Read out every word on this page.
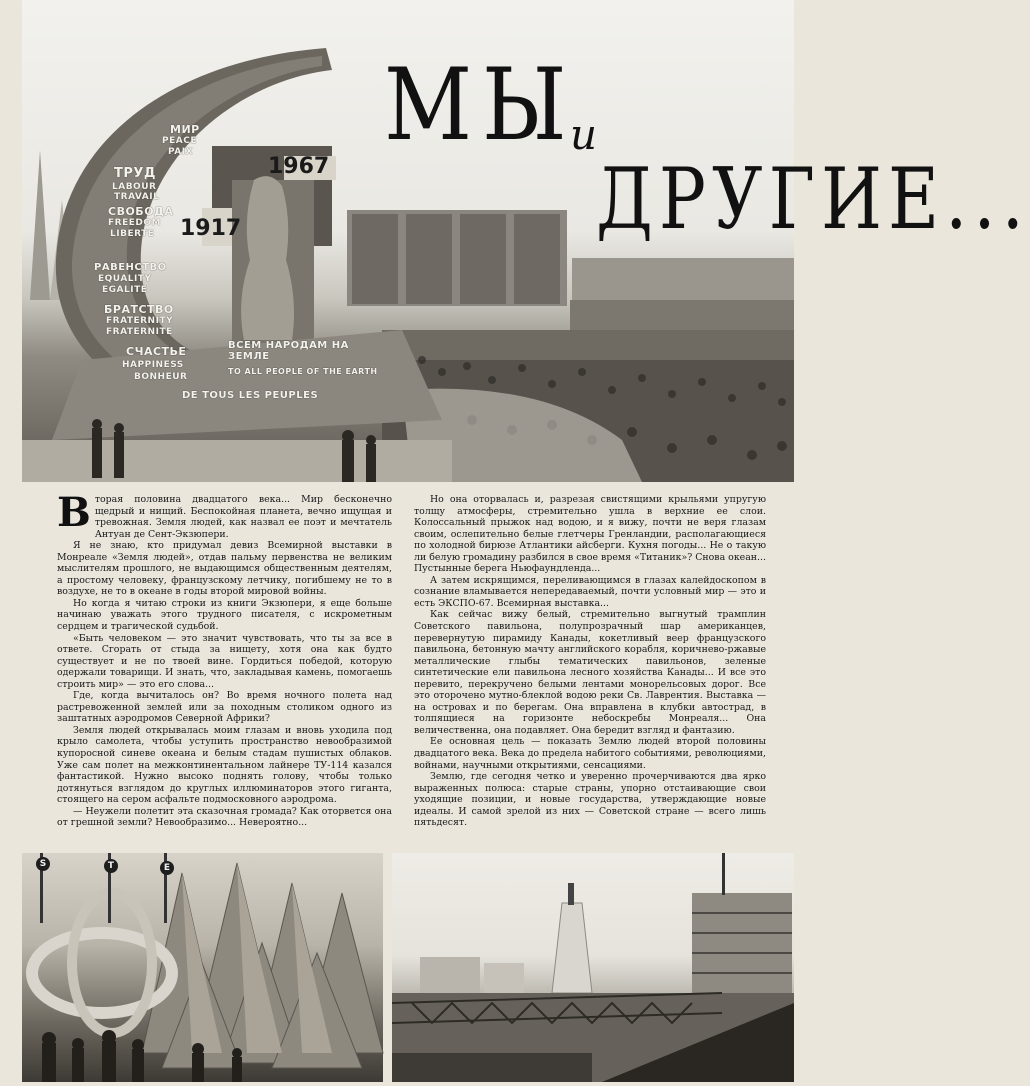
1917
1967
МИР
PEACE
PAIX
ТРУД
LABOUR
TRAVAIL
СВОБОДА
FREEDOM
LIBERTE
РАВЕНСТВО
EQUALITY
EGALITE
БРАТСТВО
FRATERNITY
FRATERNITE
СЧАСТЬЕ
HAPPINESS
BONHEUR
ВСЕМ НАРОДАМ НА ЗЕМЛЕ
TO ALL PEOPLE OF THE EARTH
DE TOUS LES PEUPLES
МЫ
и
ДРУГИЕ...

Вторая половина двадцатого века... Мир бесконечно щедрый и нищий. Беспокойная планета, вечно ищущая и тревожная. Земля людей, как назвал ее поэт и мечтатель Антуан де Сент-Экзюпери.

Я не знаю, кто придумал девиз Всемирной выставки в Монреале «Земля людей», отдав пальму первенства не великим мыслителям прошлого, не выдающимся общественным деятелям, а простому человеку, французскому летчику, погибшему не то в воздухе, не то в океане в годы второй мировой войны.

Но когда я читаю строки из книги Экзюпери, я еще больше начинаю уважать этого трудного писателя, с искрометным сердцем и трагической судьбой.

«Быть человеком — это значит чувствовать, что ты за все в ответе. Сгорать от стыда за нищету, хотя она как будто существует и не по твоей вине. Гордиться победой, которую одержали товарищи. И знать, что, закладывая камень, помогаешь строить мир» — это его слова...

Где, когда вычиталось он? Во время ночного полета над растревоженной землей или за походным столиком одного из заштатных аэродромов Северной Африки?

Земля людей открывалась моим глазам и вновь уходила под крыло самолета, чтобы уступить пространство невообразимой купоросной синеве океана и белым стадам пушистых облаков. Уже сам полет на межконтинентальном лайнере ТУ-114 казался фантастикой. Нужно высоко поднять голову, чтобы только дотянуться взглядом до круглых иллюминаторов этого гиганта, стоящего на сером асфальте подмосковного аэродрома.

— Неужели полетит эта сказочная громада? Как оторвется она от грешной земли? Невообразимо... Невероятно...

Но она оторвалась и, разрезая свистящими крыльями упругую толщу атмосферы, стремительно ушла в верхние ее слои. Колоссальный прыжок над водою, и я вижу, почти не веря глазам своим, ослепительно белые глетчеры Гренландии, располагающиеся по холодной бирюзе Атлантики айсберги. Кухня погоды... Не о такую ли белую громадину разбился в свое время «Титаник»? Снова океан... Пустынные берега Ньюфаундленда...

А затем искрящимся, переливающимся в глазах калейдоскопом в сознание вламывается непередаваемый, почти условный мир — это и есть ЭКСПО-67. Всемирная выставка...

Как сейчас вижу белый, стремительно выгнутый трамплин Советского павильона, полупрозрачный шар американцев, перевернутую пирамиду Канады, кокетливый веер французского павильона, бетонную мачту английского корабля, коричнево-ржавые металлические глыбы тематических павильонов, зеленые синтетические ели павильона лесного хозяйства Канады... И все это перевито, перекручено белыми лентами монорельсовых дорог. Все это оторочено мутно-блеклой водою реки Св. Лаврентия. Выставка — на островах и по берегам. Она вправлена в клубки автострад, в толпящиеся на горизонте небоскребы Монреаля... Она величественна, она подавляет. Она бередит взгляд и фантазию.

Ее основная цель — показать Землю людей второй половины двадцатого века. Века до предела набитого событиями, революциями, войнами, научными открытиями, сенсациями.

Землю, где сегодня четко и уверенно прочерчиваются два ярко выраженных полюса: старые страны, упорно отстаивающие свои уходящие позиции, и новые государства, утверждающие новые идеалы. И самой зрелой из них — Советской стране — всего лишь пятьдесят.

S	T	E
